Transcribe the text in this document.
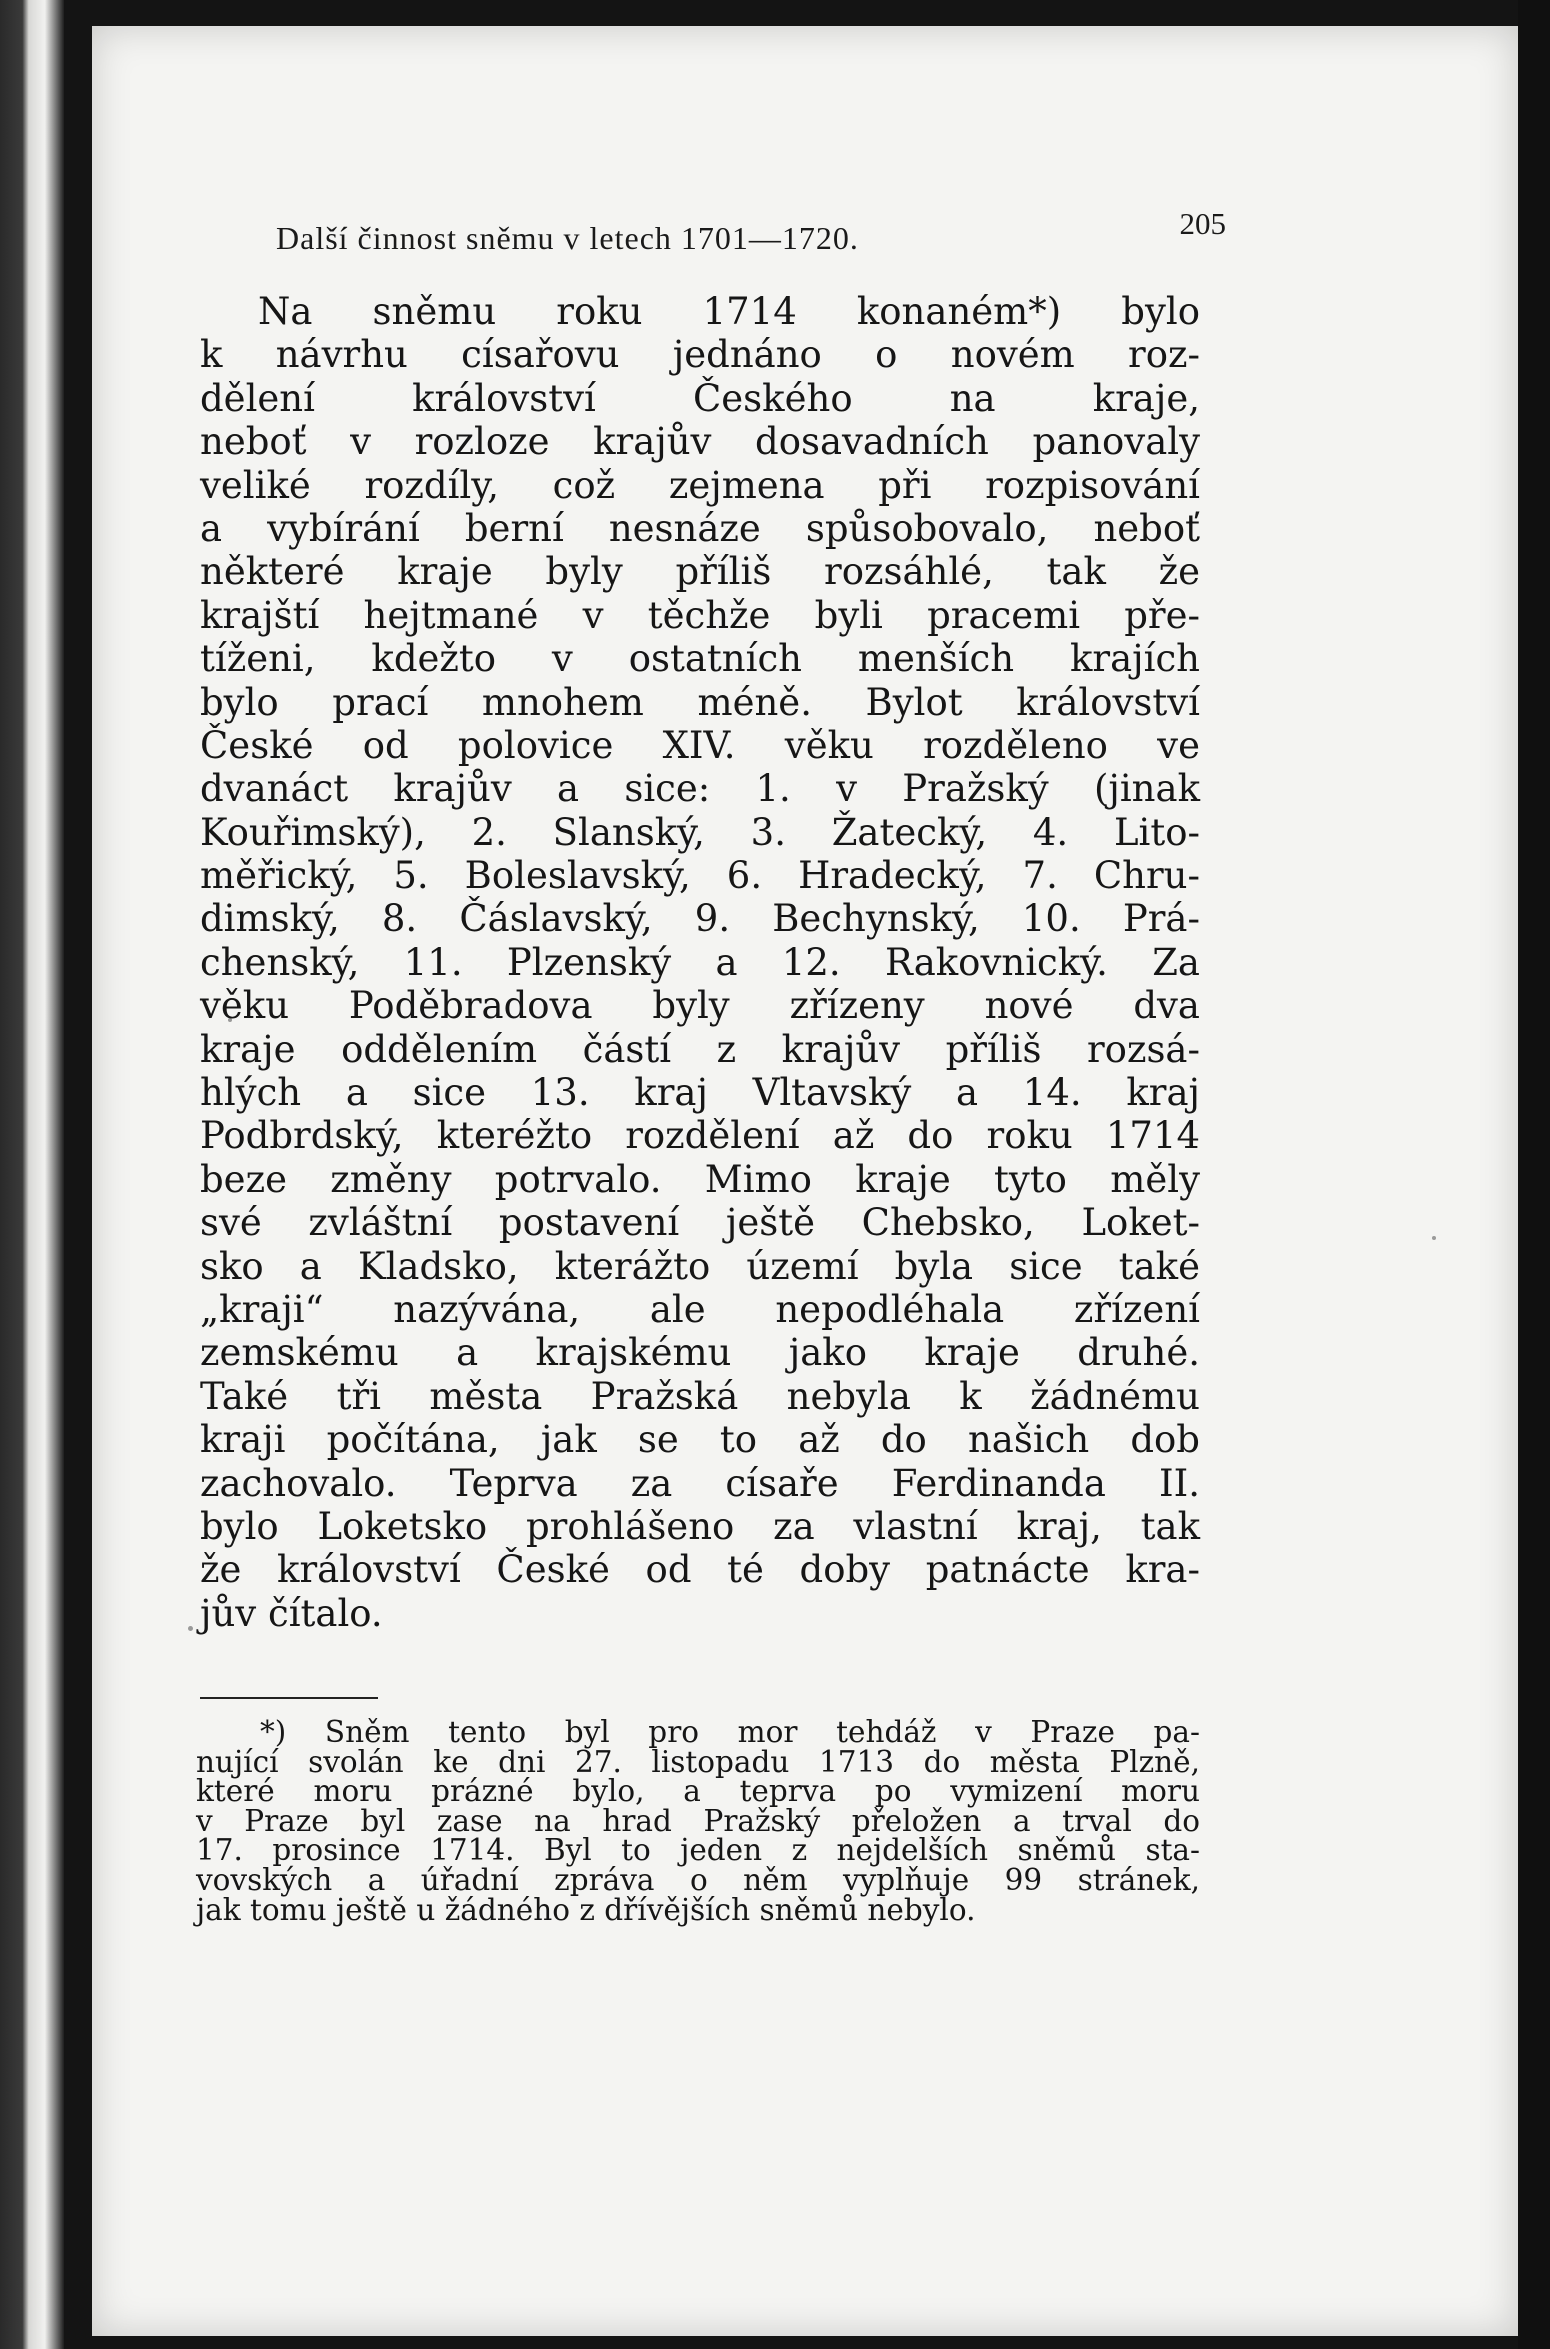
Další činnost sněmu v letech 1701—1720.	205
Na sněmu roku 1714 konaném*) bylo
k návrhu císařovu jednáno o novém roz-
dělení království Českého na kraje,
neboť v rozloze krajův dosavadních panovaly
veliké rozdíly, což zejmena při rozpisování
a vybírání berní nesnáze spůsobovalo, neboť
některé kraje byly příliš rozsáhlé, tak že
krajští hejtmané v těchže byli pracemi pře-
tíženi, kdežto v ostatních menších krajích
bylo prací mnohem méně. Bylot království
České od polovice XIV. věku rozděleno ve
dvanáct krajův a sice: 1. v Pražský (jinak
Kouřimský), 2. Slanský, 3. Žatecký, 4. Lito-
měřický, 5. Boleslavský, 6. Hradecký, 7. Chru-
dimský, 8. Čáslavský, 9. Bechynský, 10. Prá-
chenský, 11. Plzenský a 12. Rakovnický. Za
věku Poděbradova byly zřízeny nové dva
kraje oddělením částí z krajův příliš rozsá-
hlých a sice 13. kraj Vltavský a 14. kraj
Podbrdský, kteréžto rozdělení až do roku 1714
beze změny potrvalo. Mimo kraje tyto měly
své zvláštní postavení ještě Chebsko, Loket-
sko a Kladsko, kterážto území byla sice také
„kraji“ nazývána, ale nepodléhala zřízení
zemskému a krajskému jako kraje druhé.
Také tři města Pražská nebyla k žádnému
kraji počítána, jak se to až do našich dob
zachovalo. Teprva za císaře Ferdinanda II.
bylo Loketsko prohlášeno za vlastní kraj, tak
že království České od té doby patnácte kra-
jův čítalo.
*) Sněm tento byl pro mor tehdáž v Praze pa-
nující svolán ke dni 27. listopadu 1713 do města Plzně,
které moru prázné bylo, a teprva po vymizení moru
v Praze byl zase na hrad Pražský přeložen a trval do
17. prosince 1714. Byl to jeden z nejdelších sněmů sta-
vovských a úřadní zpráva o něm vyplňuje 99 stránek,
jak tomu ještě u žádného z dřívějších sněmů nebylo.
